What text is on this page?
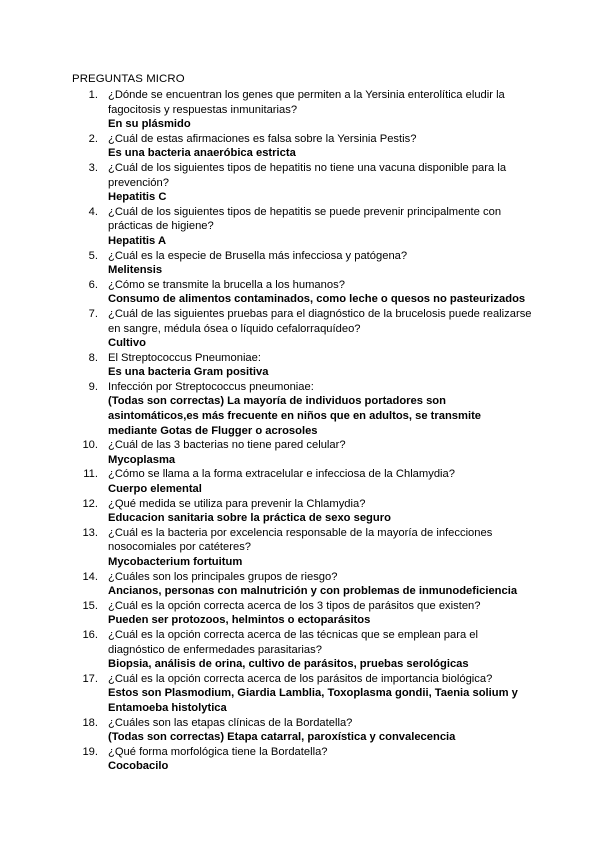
PREGUNTAS MICRO
1. ¿Dónde se encuentran los genes que permiten a la Yersinia enterolítica eludir la fagocitosis y respuestas inmunitarias?
En su plásmido
2. ¿Cuál de estas afirmaciones es falsa sobre la Yersinia Pestis?
Es una bacteria anaeróbica estricta
3. ¿Cuál de los siguientes tipos de hepatitis no tiene una vacuna disponible para la prevención?
Hepatitis C
4. ¿Cuál de los siguientes tipos de hepatitis se puede prevenir principalmente con prácticas de higiene?
Hepatitis A
5. ¿Cuál es la especie de Brusella más infecciosa y patógena?
Melitensis
6. ¿Cómo se transmite la brucella a los humanos?
Consumo de alimentos contaminados, como leche o quesos no pasteurizados
7. ¿Cuál de las siguientes pruebas para el diagnóstico de la brucelosis puede realizarse en sangre, médula ósea o líquido cefalorraquídeo?
Cultivo
8. El Streptococcus Pneumoniae:
Es una bacteria Gram positiva
9. Infección por Streptococcus pneumoniae:
(Todas son correctas) La mayoría de individuos portadores son asintomáticos,es más frecuente en niños que en adultos, se transmite mediante Gotas de Flugger o acrosoles
10. ¿Cuál de las 3 bacterias no tiene pared celular?
Mycoplasma
11. ¿Cómo se llama a la forma extracelular e infecciosa de la Chlamydia?
Cuerpo elemental
12. ¿Qué medida se utiliza para prevenir la Chlamydia?
Educacion sanitaria sobre la práctica de sexo seguro
13. ¿Cuál es la bacteria por excelencia responsable de la mayoría de infecciones nosocomiales por catéteres?
Mycobacterium fortuitum
14. ¿Cuáles son los principales grupos de riesgo?
Ancianos, personas con malnutrición y con problemas de inmunodeficiencia
15. ¿Cuál es la opción correcta acerca de los 3 tipos de parásitos que existen?
Pueden ser protozoos, helmintos o ectoparásitos
16. ¿Cuál es la opción correcta acerca de las técnicas que se emplean para el diagnóstico de enfermedades parasitarias?
Biopsia, análisis de orina, cultivo de parásitos, pruebas serológicas
17. ¿Cuál es la opción correcta acerca de los parásitos de importancia biológica?
Estos son Plasmodium, Giardia Lamblia, Toxoplasma gondii, Taenia solium y Entamoeba histolytica
18. ¿Cuáles son las etapas clínicas de la Bordatella?
(Todas son correctas) Etapa catarral, paroxística y convalecencia
19. ¿Qué forma morfológica tiene la Bordatella?
Cocobacilo
